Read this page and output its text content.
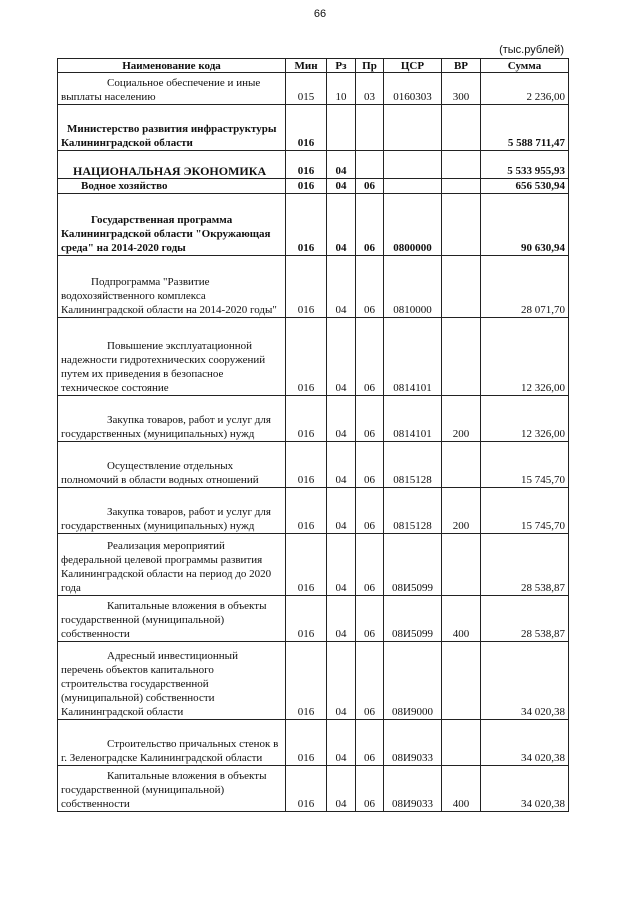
66
(тыс.рублей)
Наименование кода	Мин	Рз	Пр	ЦСР	ВР	Сумма
Социальное обеспечение и иные выплаты населению	015	10	03	0160303	300	2 236,00
Министерство развития инфраструктуры Калининградской области	016					5 588 711,47
НАЦИОНАЛЬНАЯ ЭКОНОМИКА	016	04				5 533 955,93
Водное хозяйство	016	04	06			656 530,94
Государственная программа Калининградской области "Окружающая среда" на 2014-2020 годы	016	04	06	0800000		90 630,94
Подпрограмма "Развитие водохозяйственного комплекса Калининградской области на 2014-2020 годы"	016	04	06	0810000		28 071,70
Повышение эксплуатационной надежности гидротехнических сооружений путем их приведения в безопасное техническое состояние	016	04	06	0814101		12 326,00
Закупка товаров, работ и услуг для государственных (муниципальных) нужд	016	04	06	0814101	200	12 326,00
Осуществление отдельных полномочий в области водных отношений	016	04	06	0815128		15 745,70
Закупка товаров, работ и услуг для государственных (муниципальных) нужд	016	04	06	0815128	200	15 745,70
Реализация мероприятий федеральной целевой программы развития Калининградской области на период до 2020 года	016	04	06	08И5099		28 538,87
Капитальные вложения в объекты государственной (муниципальной) собственности	016	04	06	08И5099	400	28 538,87
Адресный инвестиционный перечень объектов капитального строительства государственной (муниципальной) собственности Калининградской области	016	04	06	08И9000		34 020,38
Строительство причальных стенок в г. Зеленоградске Калининградской области	016	04	06	08И9033		34 020,38
Капитальные вложения в объекты государственной (муниципальной) собственности	016	04	06	08И9033	400	34 020,38
